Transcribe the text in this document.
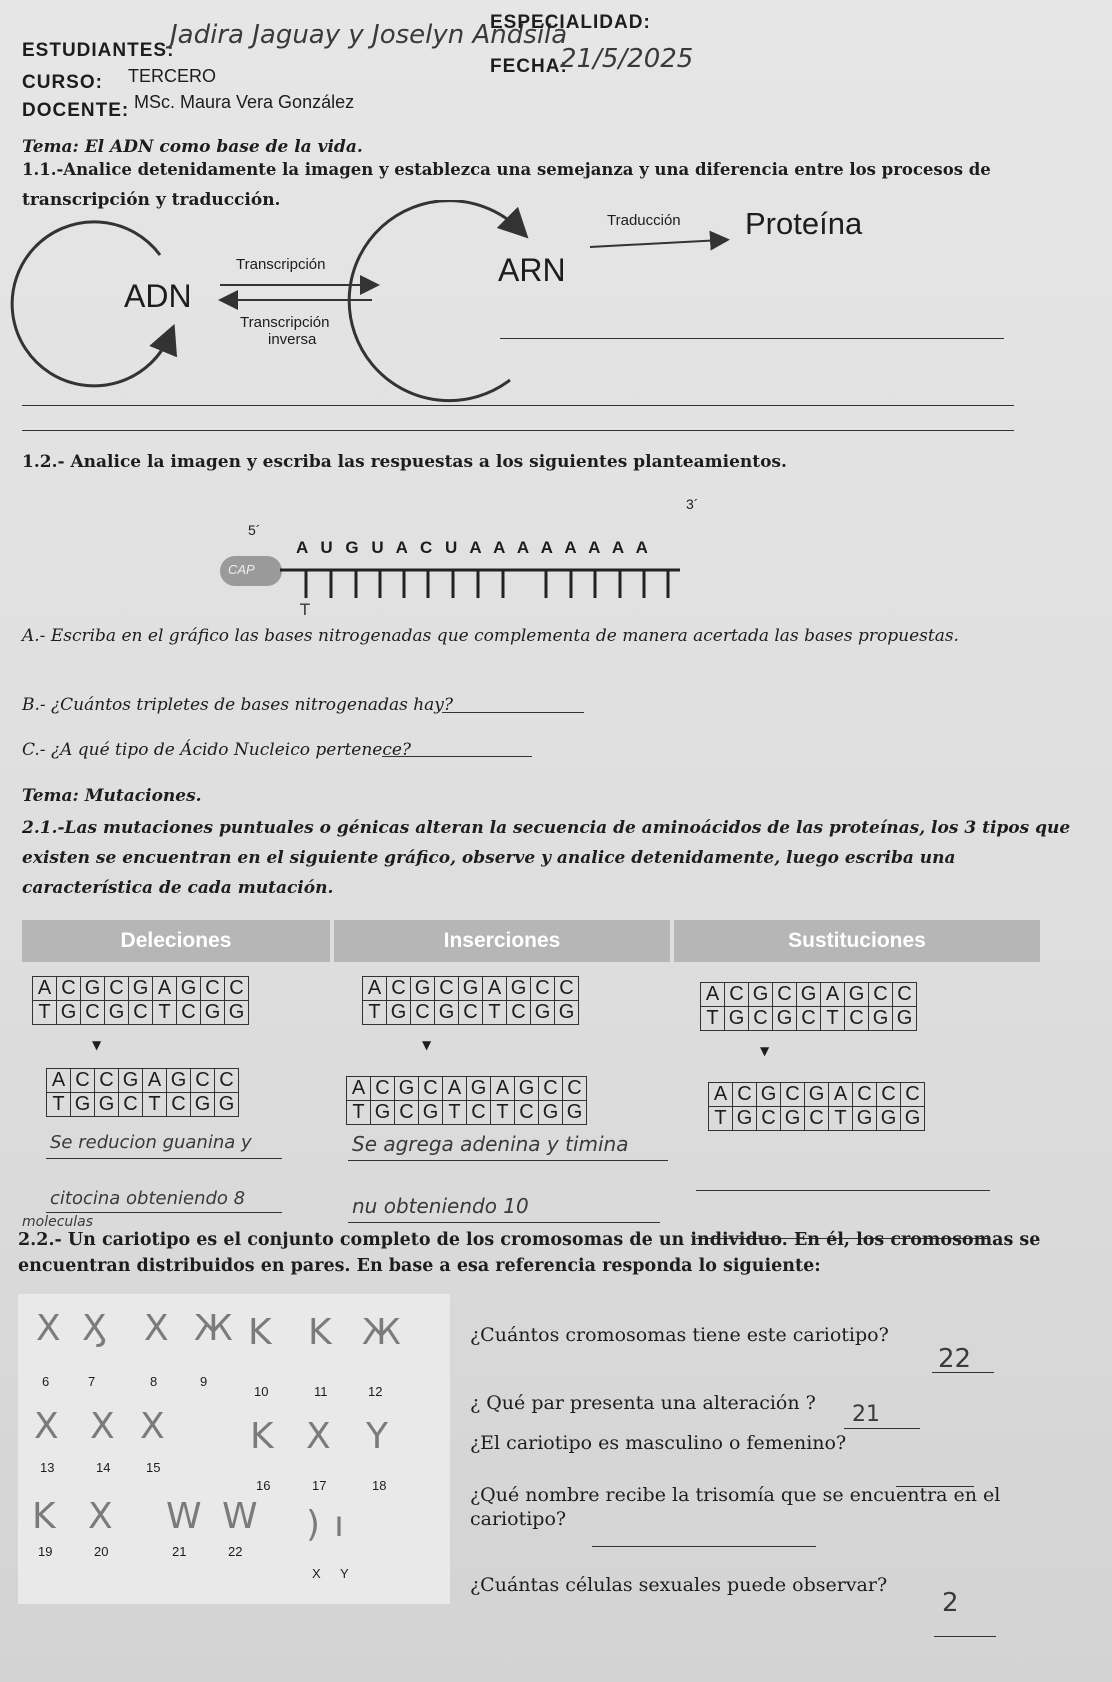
ESTUDIANTES:
Jadira Jaguay y Joselyn Andsila
ESPECIALIDAD:
FECHA:
21/5/2025
CURSO: TERCERO
DOCENTE: MSc. Maura Vera González
Tema: El ADN como base de la vida.
1.1.-Analice detenidamente la imagen y establezca una semejanza y una diferencia entre los procesos de
transcripción y traducción.
ADN
ARN
Proteína
Transcripción
Transcripción
inversa
Traducción
1.2.- Analice la imagen y escriba las respuestas a los siguientes planteamientos.
5´
3´
CAP
A U G U A C U A A A A A A A A
T
A.- Escriba en el gráfico las bases nitrogenadas que complementa de manera acertada las bases propuestas.
B.- ¿Cuántos tripletes de bases nitrogenadas hay?
C.- ¿A qué tipo de Ácido Nucleico pertenece?
Tema: Mutaciones.
2.1.-Las mutaciones puntuales o génicas alteran la secuencia de aminoácidos de las proteínas, los 3 tipos que
existen se encuentran en el siguiente gráfico, observe y analice detenidamente, luego escriba una
característica de cada mutación.
Deleciones	Inserciones	Sustituciones
A	C	G	C	G	A	G	C	C
T	G	C	G	C	T	C	G	G
A	C	C	G	A	G	C	C
T	G	G	C	T	C	G	G
▼
A	C	G	C	G	A	G	C	C
T	G	C	G	C	T	C	G	G
A	C	G	C	A	G	A	G	C	C
T	G	C	G	T	C	T	C	G	G
▼
A	C	G	C	G	A	G	C	C
T	G	C	G	C	T	C	G	G
A	C	G	C	G	A	C	C	C
T	G	C	G	C	T	G	G	G
▼
Se reducion guanina y
citocina obteniendo 8
moleculas
Se agrega adenina y timina
nu obteniendo 10
2.2.- Un cariotipo es el conjunto completo de los cromosomas de un individuo. En él, los cromosomas se
encuentran distribuidos en pares. En base a esa referencia responda lo siguiente:
X
6
Ӽ
7
X
8
Ж
9
K
10
K
11
Ж
12
X
13
X
14
X
15
K
16
X
17
Y
18
K
19
X
20
W
21
W
22
)
X
ı
Y
¿Cuántos cromosomas tiene este cariotipo?
22
¿ Qué par presenta una alteración ? 21
¿El cariotipo es masculino o femenino?
¿Qué nombre recibe la trisomía que se encuentra en el
cariotipo?
¿Cuántas células sexuales puede observar?
2
